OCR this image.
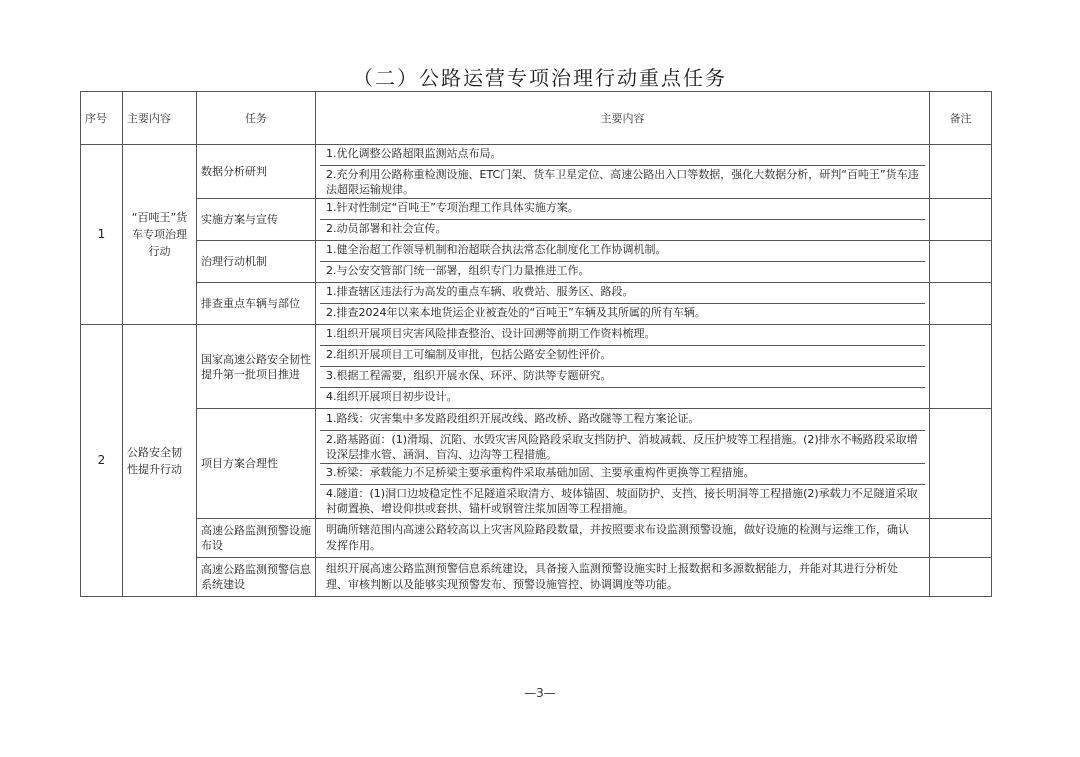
（二）公路运营专项治理行动重点任务
序号	主要内容	任务	主要内容	备注
1	“百吨王”货车专项治理行动	数据分析研判	1.优化调整公路超限监测站点布局。
2.充分利用公路称重检测设施、ETC门架、货车卫星定位、高速公路出入口等数据，强化大数据分析，研判“百吨王”货车违法超限运输规律。	

		实施方案与宣传	1.针对性制定“百吨王”专项治理工作具体实施方案。
2.动员部署和社会宣传。	

		治理行动机制	1.健全治超工作领导机制和治超联合执法常态化制度化工作协调机制。
2.与公安交管部门统一部署，组织专门力量推进工作。	

		排查重点车辆与部位	1.排查辖区违法行为高发的重点车辆、收费站、服务区、路段。
2.排查2024年以来本地货运企业被查处的“百吨王”车辆及其所属的所有车辆。	

2	公路安全韧性提升行动	国家高速公路安全韧性提升第一批项目推进	1.组织开展项目灾害风险排查整治、设计回溯等前期工作资料梳理。
2.组织开展项目工可编制及审批，包括公路安全韧性评价。
3.根据工程需要，组织开展水保、环评、防洪等专题研究。
4.组织开展项目初步设计。	

		项目方案合理性	1.路线：灾害集中多发路段组织开展改线、路改桥、路改隧等工程方案论证。
2.路基路面：(1)滑塌、沉陷、水毁灾害风险路段采取支挡防护、消坡减载、反压护坡等工程措施。(2)排水不畅路段采取增设深层排水管、涵洞、盲沟、边沟等工程措施。
3.桥梁：承载能力不足桥梁主要承重构件采取基础加固、主要承重构件更换等工程措施。
4.隧道：(1)洞口边坡稳定性不足隧道采取清方、坡体锚固、坡面防护、支挡、接长明洞等工程措施(2)承载力不足隧道采取衬砌置换、增设仰拱或套拱、锚杆或钢管注浆加固等工程措施。	

		高速公路监测预警设施布设	明确所辖范围内高速公路较高以上灾害风险路段数量，并按照要求布设监测预警设施，做好设施的检测与运维工作，确认发挥作用。	

		高速公路监测预警信息系统建设	组织开展高速公路监测预警信息系统建设，具备接入监测预警设施实时上报数据和多源数据能力，并能对其进行分析处理、审核判断以及能够实现预警发布、预警设施管控、协调调度等功能。	

—3—
